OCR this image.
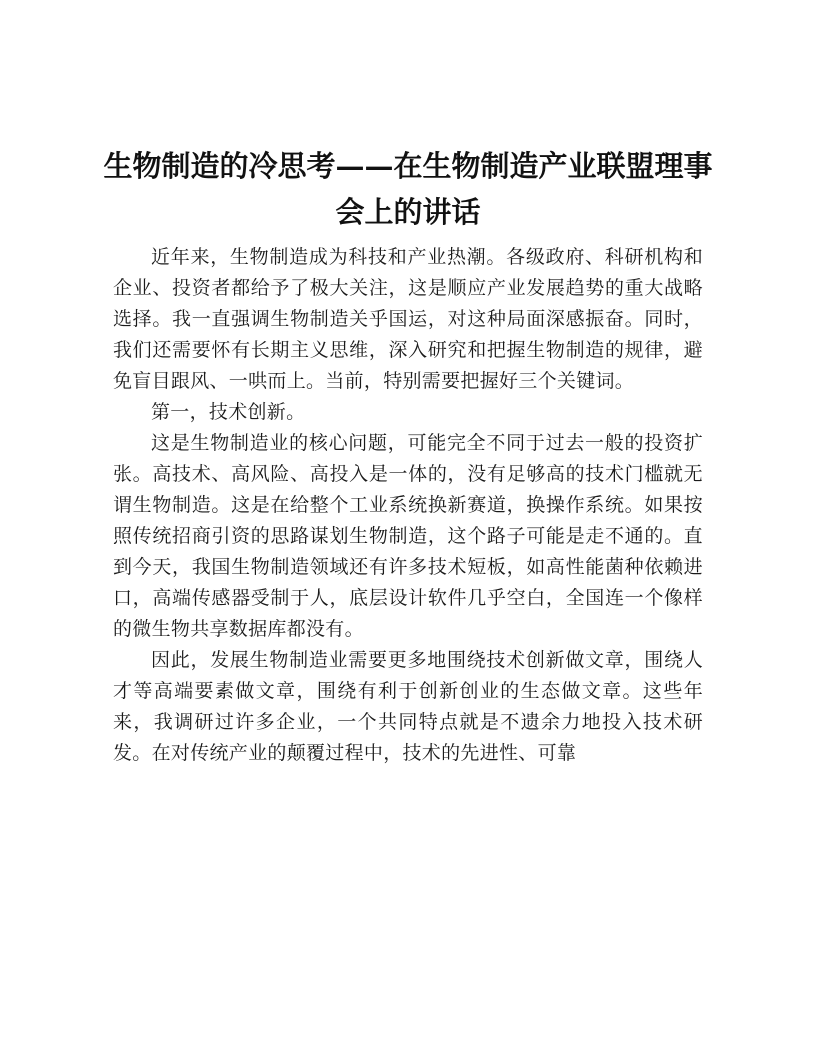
生物制造的冷思考——在生物制造产业联盟理事会上的讲话

近年来，生物制造成为科技和产业热潮。各级政府、科研机构和企业、投资者都给予了极大关注，这是顺应产业发展趋势的重大战略选择。我一直强调生物制造关乎国运，对这种局面深感振奋。同时，我们还需要怀有长期主义思维，深入研究和把握生物制造的规律，避免盲目跟风、一哄而上。当前，特别需要把握好三个关键词。

第一，技术创新。

这是生物制造业的核心问题，可能完全不同于过去一般的投资扩张。高技术、高风险、高投入是一体的，没有足够高的技术门槛就无谓生物制造。这是在给整个工业系统换新赛道，换操作系统。如果按照传统招商引资的思路谋划生物制造，这个路子可能是走不通的。直到今天，我国生物制造领域还有许多技术短板，如高性能菌种依赖进口，高端传感器受制于人，底层设计软件几乎空白，全国连一个像样的微生物共享数据库都没有。

因此，发展生物制造业需要更多地围绕技术创新做文章，围绕人才等高端要素做文章，围绕有利于创新创业的生态做文章。这些年来，我调研过许多企业，一个共同特点就是不遗余力地投入技术研发。在对传统产业的颠覆过程中，技术的先进性、可靠
